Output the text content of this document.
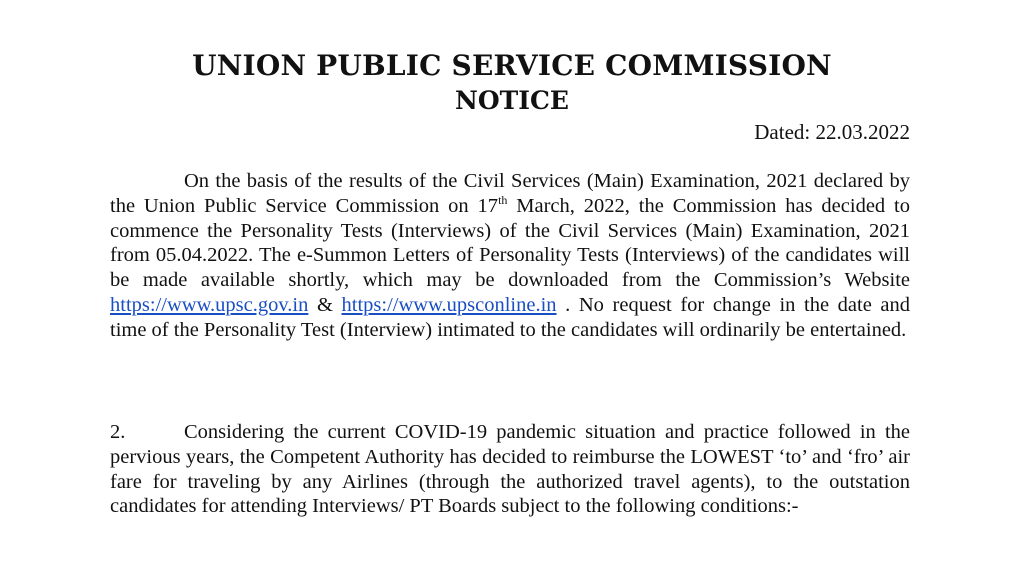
UNION PUBLIC SERVICE COMMISSION
NOTICE
Dated: 22.03.2022
On the basis of the results of the Civil Services (Main) Examination, 2021 declared by the Union Public Service Commission on 17th March, 2022, the Commission has decided to commence the Personality Tests (Interviews) of the Civil Services (Main) Examination, 2021 from 05.04.2022. The e-Summon Letters of Personality Tests (Interviews) of the candidates will be made available shortly, which may be downloaded from the Commission’s Website https://www.upsc.gov.in & https://www.upsconline.in . No request for change in the date and time of the Personality Test (Interview) intimated to the candidates will ordinarily be entertained.
2.	Considering the current COVID-19 pandemic situation and practice followed in the pervious years, the Competent Authority has decided to reimburse the LOWEST ‘to’ and ‘fro’ air fare for traveling by any Airlines (through the authorized travel agents), to the outstation candidates for attending Interviews/ PT Boards subject to the following conditions:-
